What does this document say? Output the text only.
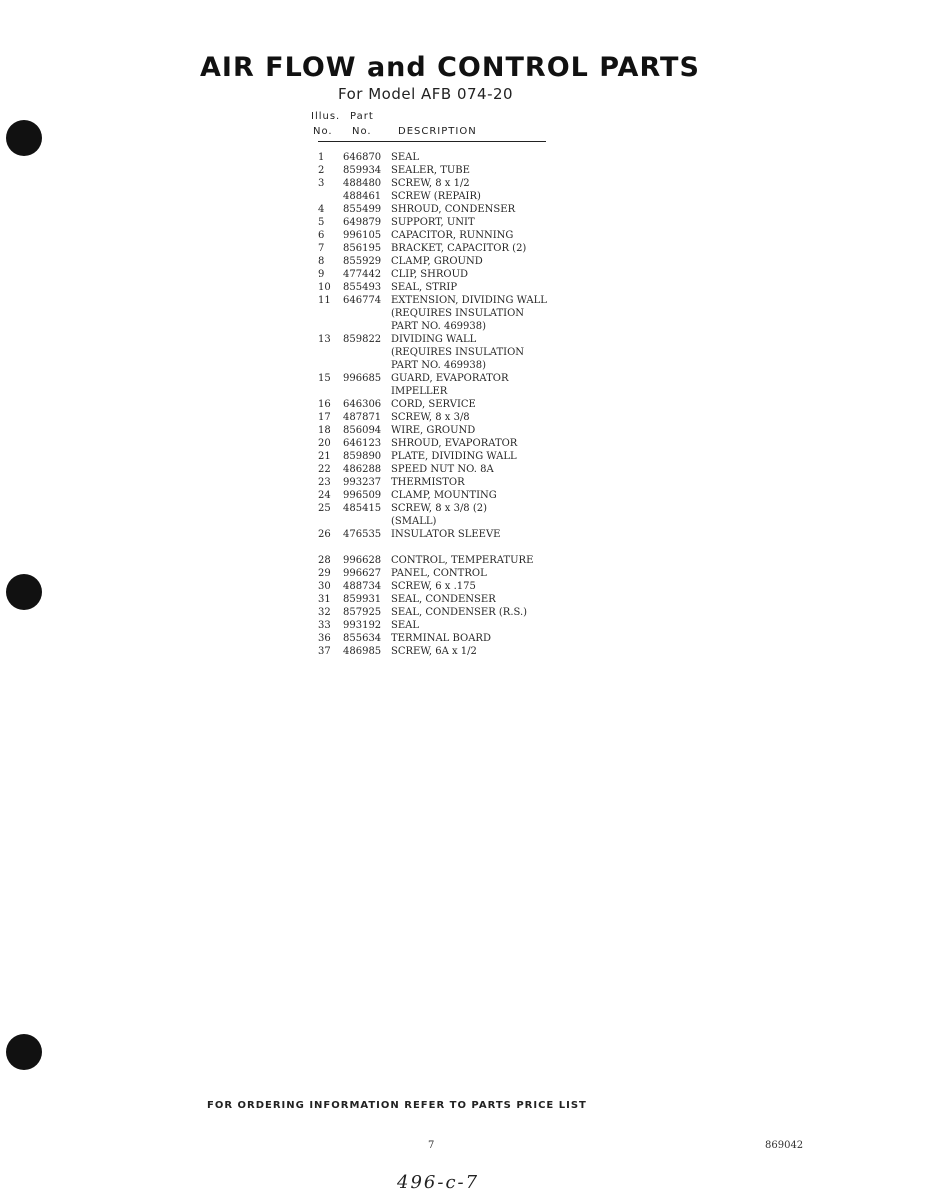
AIR FLOW and CONTROL PARTS
For Model AFB 074-20
Illus. Part
No. No.	DESCRIPTION
1	646870 SEAL
2	859934 SEALER, TUBE
3	488480 SCREW, 8 x 1/2
488461 SCREW (REPAIR)
4	855499 SHROUD, CONDENSER
5	649879 SUPPORT, UNIT
6	996105 CAPACITOR, RUNNING
7	856195 BRACKET, CAPACITOR (2)
8	855929 CLAMP, GROUND
9	477442 CLIP, SHROUD
10	855493 SEAL, STRIP
11	646774 EXTENSION, DIVIDING WALL
(REQUIRES INSULATION
PART NO. 469938)
13	859822 DIVIDING WALL
(REQUIRES INSULATION
PART NO. 469938)
15	996685 GUARD, EVAPORATOR
IMPELLER
16	646306 CORD, SERVICE
17	487871 SCREW, 8 x 3/8
18	856094 WIRE, GROUND
20	646123 SHROUD, EVAPORATOR
21	859890 PLATE, DIVIDING WALL
22	486288 SPEED NUT NO. 8A
23	993237 THERMISTOR
24	996509 CLAMP, MOUNTING
25	485415 SCREW, 8 x 3/8 (2)
(SMALL)
26	476535 INSULATOR SLEEVE
28	996628 CONTROL, TEMPERATURE
29	996627 PANEL, CONTROL
30	488734 SCREW, 6 x .175
31	859931 SEAL, CONDENSER
32	857925 SEAL, CONDENSER (R.S.)
33	993192 SEAL
36	855634 TERMINAL BOARD
37	486985 SCREW, 6A x 1/2
FOR ORDERING INFORMATION REFER TO PARTS PRICE LIST
7	869042
496-c-7
